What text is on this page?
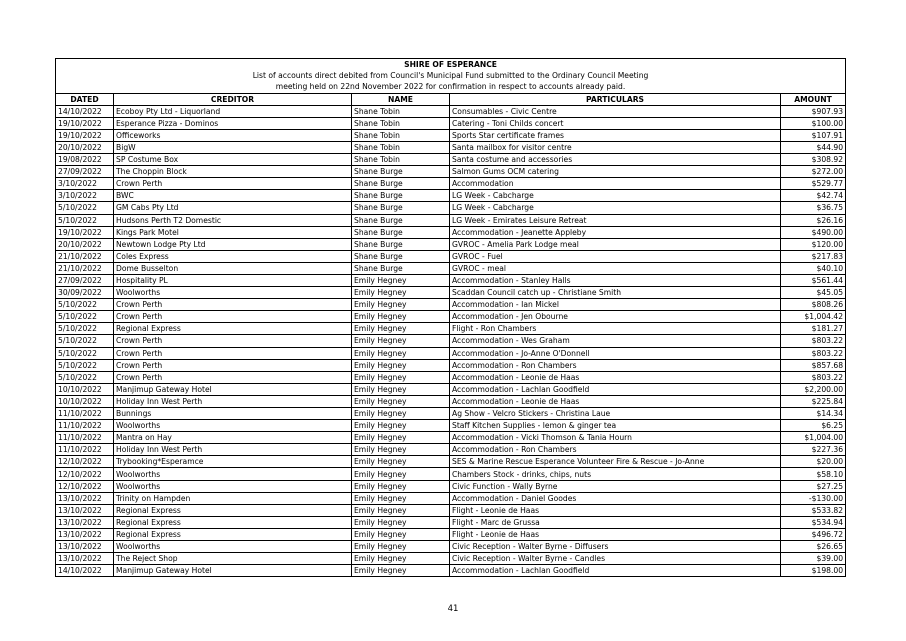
SHIRE OF ESPERANCE				
List of accounts direct debited from Council's Municipal Fund submitted to the Ordinary Council Meeting				
meeting held on 22nd November 2022 for confirmation in respect to accounts already paid.				
DATED	CREDITOR	NAME	PARTICULARS	AMOUNT
14/10/2022	Ecoboy Pty Ltd - Liquorland	Shane Tobin	Consumables - Civic Centre	$907.93
19/10/2022	Esperance Pizza - Dominos	Shane Tobin	Catering - Toni Childs concert	$100.00
19/10/2022	Officeworks	Shane Tobin	Sports Star certificate frames	$107.91
20/10/2022	BigW	Shane Tobin	Santa mailbox for visitor centre	$44.90
19/08/2022	SP Costume Box	Shane Tobin	Santa costume and accessories	$308.92
27/09/2022	The Choppin Block	Shane Burge	Salmon Gums OCM catering	$272.00
3/10/2022	Crown Perth	Shane Burge	Accommodation	$529.77
3/10/2022	BWC	Shane Burge	LG Week - Cabcharge	$42.74
5/10/2022	GM Cabs Pty Ltd	Shane Burge	LG Week - Cabcharge	$36.75
5/10/2022	Hudsons Perth T2 Domestic	Shane Burge	LG Week - Emirates Leisure Retreat	$26.16
19/10/2022	Kings Park Motel	Shane Burge	Accommodation - Jeanette Appleby	$490.00
20/10/2022	Newtown Lodge Pty Ltd	Shane Burge	GVROC - Amelia Park Lodge meal	$120.00
21/10/2022	Coles Express	Shane Burge	GVROC - Fuel	$217.83
21/10/2022	Dome Busselton	Shane Burge	GVROC - meal	$40.10
27/09/2022	Hospitality PL	Emily Hegney	Accommodation - Stanley Halls	$561.44
30/09/2022	Woolworths	Emily Hegney	Scaddan Council catch up - Christiane Smith	$45.05
5/10/2022	Crown Perth	Emily Hegney	Accommodation - Ian Mickel	$808.26
5/10/2022	Crown Perth	Emily Hegney	Accommodation - Jen Obourne	$1,004.42
5/10/2022	Regional Express	Emily Hegney	Flight - Ron Chambers	$181.27
5/10/2022	Crown Perth	Emily Hegney	Accommodation - Wes Graham	$803.22
5/10/2022	Crown Perth	Emily Hegney	Accommodation - Jo-Anne O'Donnell	$803.22
5/10/2022	Crown Perth	Emily Hegney	Accommodation - Ron Chambers	$857.68
5/10/2022	Crown Perth	Emily Hegney	Accommodation - Leonie de Haas	$803.22
10/10/2022	Manjimup Gateway Hotel	Emily Hegney	Accommodation - Lachlan Goodfield	$2,200.00
10/10/2022	Holiday Inn West Perth	Emily Hegney	Accommodation - Leonie de Haas	$225.84
11/10/2022	Bunnings	Emily Hegney	Ag Show - Velcro Stickers - Christina Laue	$14.34
11/10/2022	Woolworths	Emily Hegney	Staff Kitchen Supplies - lemon & ginger tea	$6.25
11/10/2022	Mantra on Hay	Emily Hegney	Accommodation - Vicki Thomson & Tania Hourn	$1,004.00
11/10/2022	Holiday Inn West Perth	Emily Hegney	Accommodation - Ron Chambers	$227.36
12/10/2022	Trybooking*Esperamce	Emily Hegney	SES & Marine Rescue Esperance Volunteer Fire & Rescue - Jo-Anne	$20.00
12/10/2022	Woolworths	Emily Hegney	Chambers Stock - drinks, chips, nuts	$58.10
12/10/2022	Woolworths	Emily Hegney	Civic Function - Wally Byrne	$27.25
13/10/2022	Trinity on Hampden	Emily Hegney	Accommodation - Daniel Goodes	-$130.00
13/10/2022	Regional Express	Emily Hegney	Flight - Leonie de Haas	$533.82
13/10/2022	Regional Express	Emily Hegney	Flight - Marc de Grussa	$534.94
13/10/2022	Regional Express	Emily Hegney	Flight - Leonie de Haas	$496.72
13/10/2022	Woolworths	Emily Hegney	Civic Reception - Walter Byrne - Diffusers	$26.65
13/10/2022	The Reject Shop	Emily Hegney	Civic Reception - Walter Byrne - Candles	$39.00
14/10/2022	Manjimup Gateway Hotel	Emily Hegney	Accommodation - Lachlan Goodfield	$198.00
41
